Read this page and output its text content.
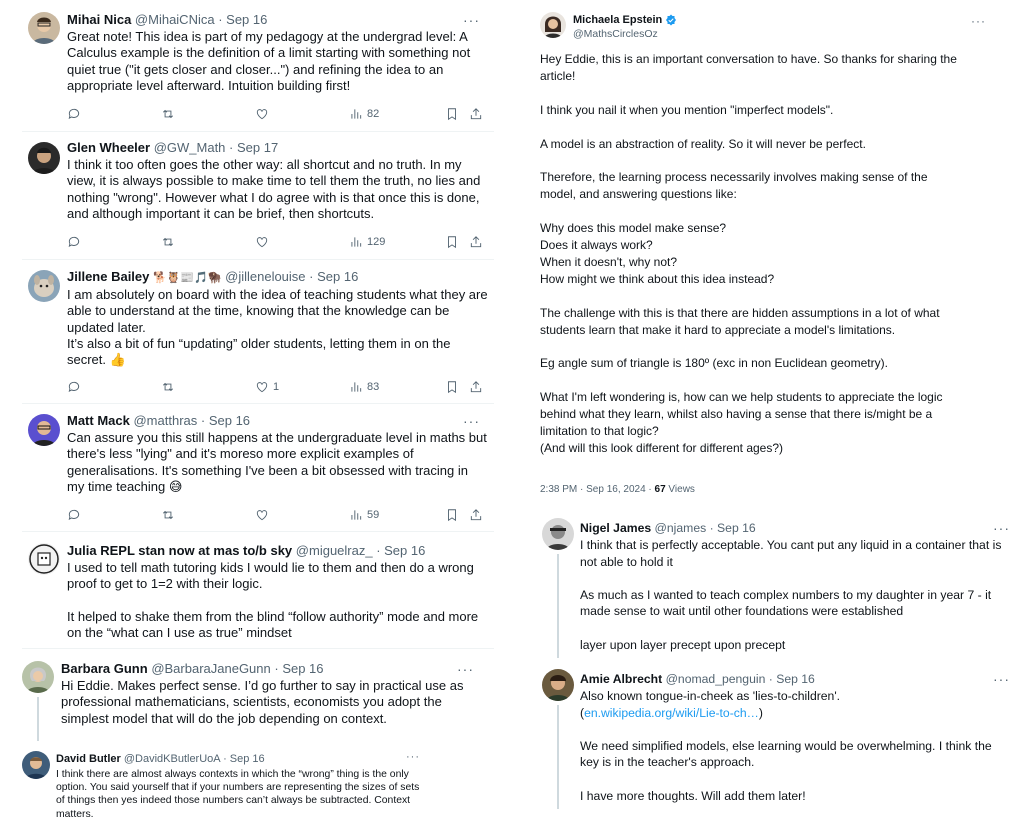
Mihai Nica @MihaiCNica · Sep 16	···
Great note! This idea is part of my pedagogy at the undergrad level: A Calculus example is the definition of a limit starting with something not quiet true ("it gets closer and closer...") and refining the idea to an appropriate level afterward. Intuition building first!
82
Glen Wheeler @GW_Math · Sep 17
I think it too often goes the other way: all shortcut and no truth. In my view, it is always possible to make time to tell them the truth, no lies and nothing "wrong". However what I do agree with is that once this is done, and although important it can be brief, then shortcuts.
129
Jillene Bailey 🐕🦉📰🎵🦬 @jillenelouise · Sep 16
I am absolutely on board with the idea of teaching students what they are able to understand at the time, knowing that the knowledge can be updated later.
It’s also a bit of fun “updating” older students, letting them in on the secret. 👍
1	83
Matt Mack @matthras · Sep 16	···
Can assure you this still happens at the undergraduate level in maths but there's less "lying" and it's moreso more explicit examples of generalisations. It's something I've been a bit obsessed with tracing in my time teaching 😅
59
Julia REPL stan now at mas to/b sky @miguelraz_ · Sep 16
I used to tell math tutoring kids I would lie to them and then do a wrong proof to get to 1=2 with their logic.

It helped to shake them from the blind “follow authority” mode and more on the “what can I use as true” mindset
Barbara Gunn @BarbaraJaneGunn · Sep 16	···
Hi Eddie. Makes perfect sense. I’d go further to say in practical use as professional mathematicians, scientists, economists you adopt the simplest model that will do the job depending on context.
David Butler @DavidKButlerUoA · Sep 16	···
I think there are almost always contexts in which the “wrong” thing is the only option. You said yourself that if your numbers are representing the sizes of sets of things then yes indeed those numbers can’t always be subtracted. Context matters.
Michaela Epstein
@MathsCirclesOz
···
Hey Eddie, this is an important conversation to have. So thanks for sharing the article!

I think you nail it when you mention "imperfect models".

A model is an abstraction of reality. So it will never be perfect.

Therefore, the learning process necessarily involves making sense of the model, and answering questions like:

Why does this model make sense?
Does it always work?
When it doesn't, why not?
How might we think about this idea instead?

The challenge with this is that there are hidden assumptions in a lot of what students learn that make it hard to appreciate a model's limitations.

Eg angle sum of triangle is 180º (exc in non Euclidean geometry).

What I'm left wondering is, how can we help students to appreciate the logic behind what they learn, whilst also having a sense that there is/might be a limitation to that logic?
(And will this look different for different ages?)
2:38 PM · Sep 16, 2024 · 67 Views
Nigel James @njames · Sep 16	···
I think that is perfectly acceptable. You cant put any liquid in a container that is not able to hold it

As much as I wanted to teach complex numbers to my daughter in year 7 - it made sense to wait until other foundations were established

layer upon layer precept upon precept
Amie Albrecht @nomad_penguin · Sep 16	···
Also known tongue-in-cheek as 'lies-to-children'.
(en.wikipedia.org/wiki/Lie-to-ch…)

We need simplified models, else learning would be overwhelming. I think the key is in the teacher's approach.

I have more thoughts. Will add them later!
